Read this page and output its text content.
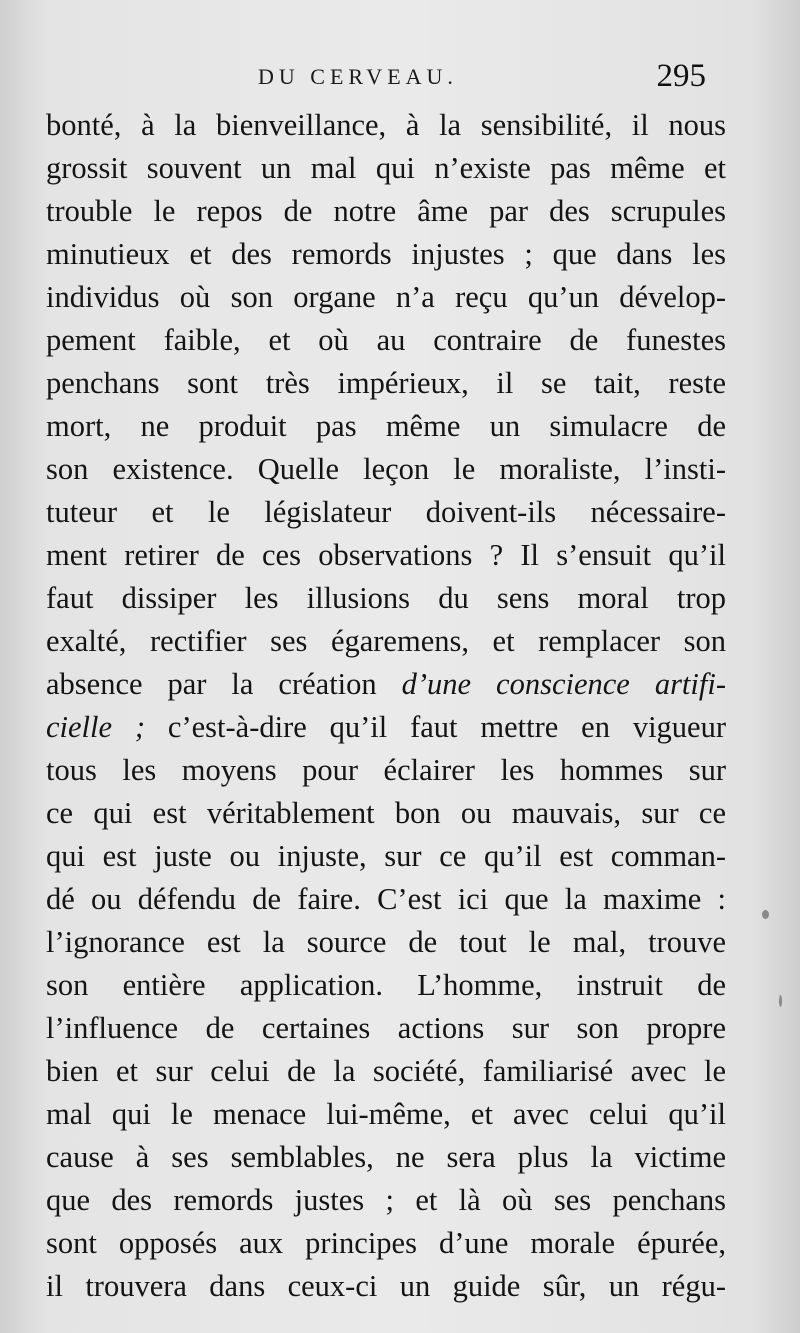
DU CERVEAU.	295
bonté, à la bienveillance, à la sensibilité, il nous
grossit souvent un mal qui n’existe pas même et
trouble le repos de notre âme par des scrupules
minutieux et des remords injustes ; que dans les
individus où son organe n’a reçu qu’un dévelop-
pement faible, et où au contraire de funestes
penchans sont très impérieux, il se tait, reste
mort, ne produit pas même un simulacre de
son existence. Quelle leçon le moraliste, l’insti-
tuteur et le législateur doivent-ils nécessaire-
ment retirer de ces observations ? Il s’ensuit qu’il
faut dissiper les illusions du sens moral trop
exalté, rectifier ses égaremens, et remplacer son
absence par la création d’une conscience artifi-
cielle ; c’est-à-dire qu’il faut mettre en vigueur
tous les moyens pour éclairer les hommes sur
ce qui est véritablement bon ou mauvais, sur ce
qui est juste ou injuste, sur ce qu’il est comman-
dé ou défendu de faire. C’est ici que la maxime :
l’ignorance est la source de tout le mal, trouve
son entière application. L’homme, instruit de
l’influence de certaines actions sur son propre
bien et sur celui de la société, familiarisé avec le
mal qui le menace lui-même, et avec celui qu’il
cause à ses semblables, ne sera plus la victime
que des remords justes ; et là où ses penchans
sont opposés aux principes d’une morale épurée,
il trouvera dans ceux-ci un guide sûr, un régu-
